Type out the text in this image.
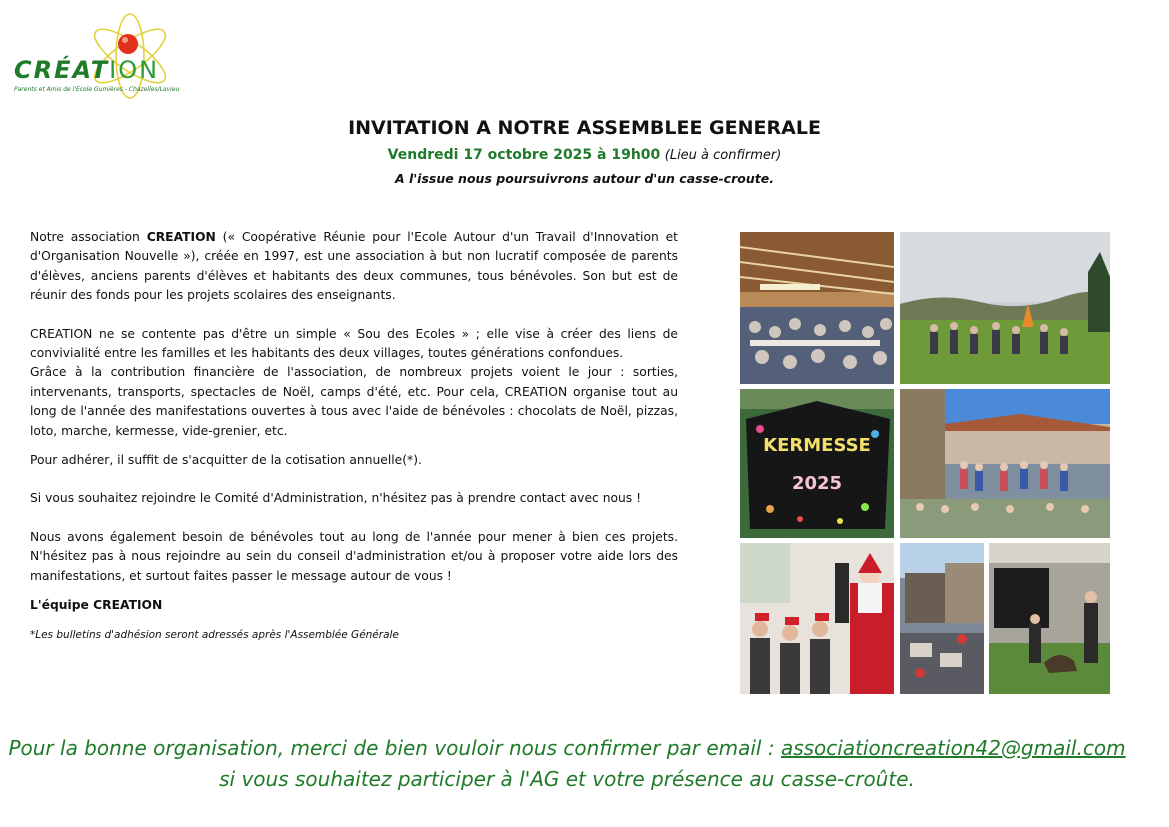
CRÉATION
Parents et Amis de l'Ecole Gumières - Chazelles/Lavieu
INVITATION A NOTRE ASSEMBLEE GENERALE
Vendredi 17 octobre 2025 à 19h00 (Lieu à confirmer)
A l'issue nous poursuivrons autour d'un casse-croute.

Notre association CREATION (« Coopérative Réunie pour l'Ecole Autour d'un Travail d'Innovation et d'Organisation Nouvelle »), créée en 1997, est une association à but non lucratif composée de parents d'élèves, anciens parents d'élèves et habitants des deux communes, tous bénévoles. Son but est de réunir des fonds pour les projets scolaires des enseignants.

CREATION ne se contente pas d'être un simple « Sou des Ecoles » ; elle vise à créer des liens de convivialité entre les familles et les habitants des deux villages, toutes générations confondues.

Grâce à la contribution financière de l'association, de nombreux projets voient le jour : sorties, intervenants, transports, spectacles de Noël, camps d'été, etc. Pour cela, CREATION organise tout au long de l'année des manifestations ouvertes à tous avec l'aide de bénévoles : chocolats de Noël, pizzas, loto, marche, kermesse, vide-grenier, etc.

Pour adhérer, il suffit de s'acquitter de la cotisation annuelle(*).

Si vous souhaitez rejoindre le Comité d'Administration, n'hésitez pas à prendre contact avec nous !

Nous avons également besoin de bénévoles tout au long de l'année pour mener à bien ces projets. N'hésitez pas à nous rejoindre au sein du conseil d'administration et/ou à proposer votre aide lors des manifestations, et surtout faites passer le message autour de vous !

L'équipe CREATION

*Les bulletins d'adhésion seront adressés après l'Assemblée Générale

KERMESSE
2025
Pour la bonne organisation, merci de bien vouloir nous confirmer par email : associationcreation42@gmail.com
si vous souhaitez participer à l'AG et votre présence au casse-croûte.
